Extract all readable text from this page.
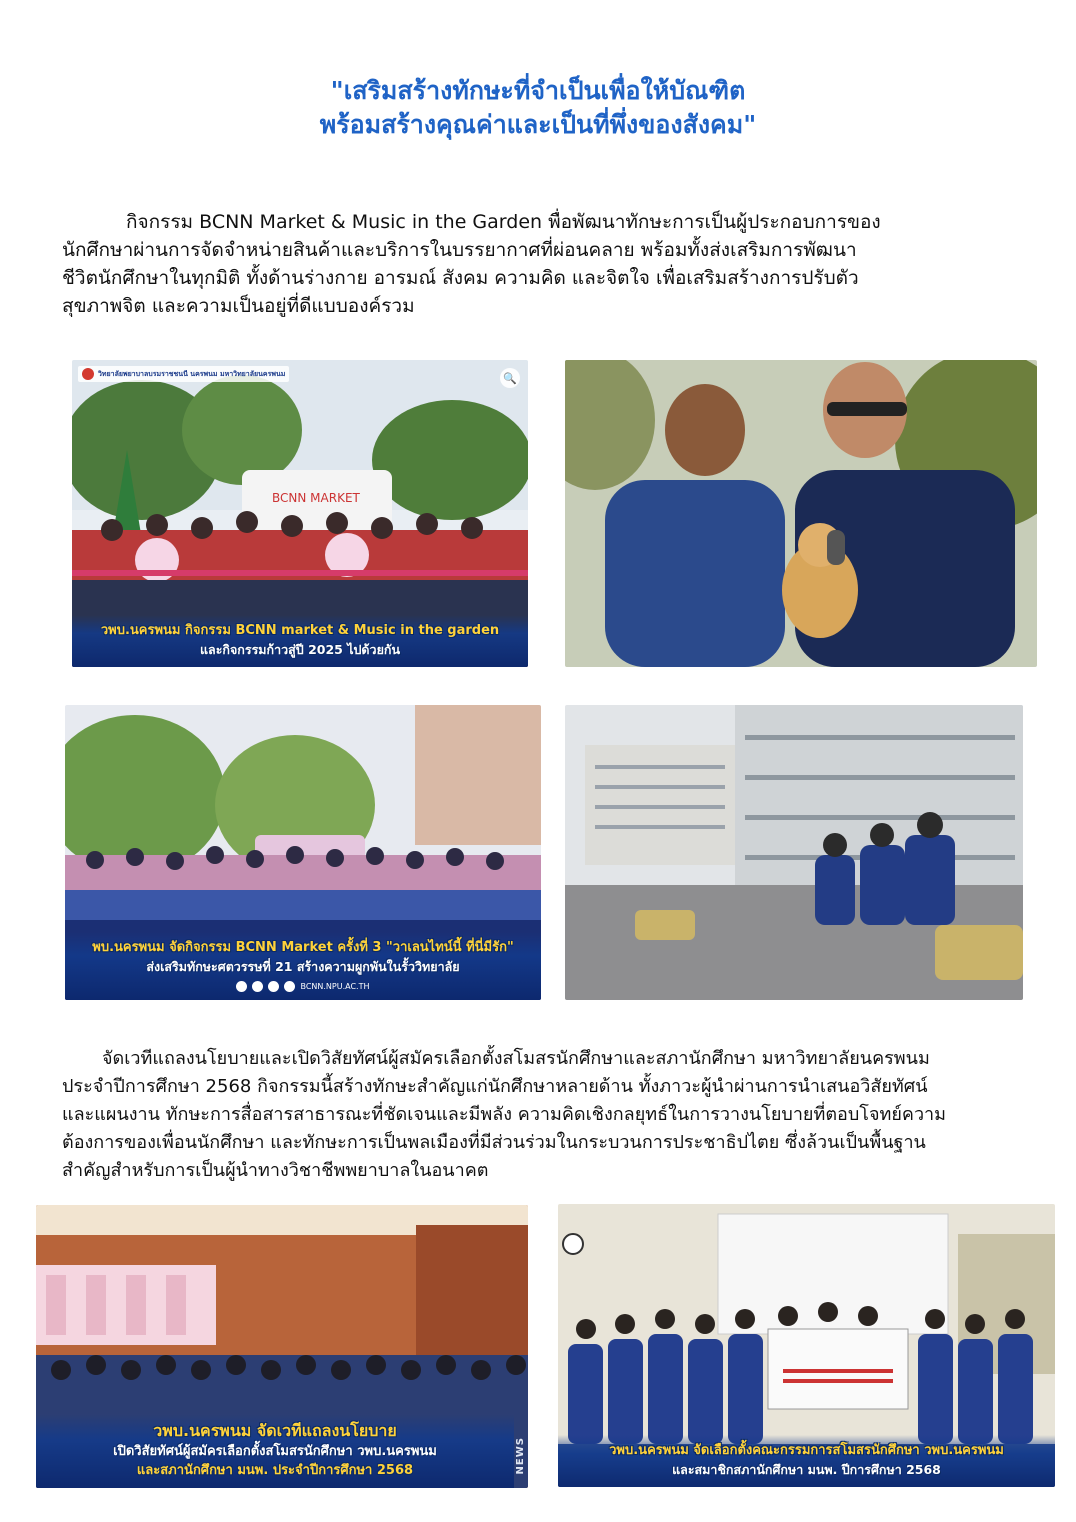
"เสริมสร้างทักษะที่จำเป็นเพื่อให้บัณฑิต
พร้อมสร้างคุณค่าและเป็นที่พึ่งของสังคม"
กิจกรรม BCNN Market & Music in the Garden พื่อพัฒนาทักษะการเป็นผู้ประกอบการของ
นักศึกษาผ่านการจัดจำหน่ายสินค้าและบริการในบรรยากาศที่ผ่อนคลาย พร้อมทั้งส่งเสริมการพัฒนา
ชีวิตนักศึกษาในทุกมิติ ทั้งด้านร่างกาย อารมณ์ สังคม ความคิด และจิตใจ เพื่อเสริมสร้างการปรับตัว
สุขภาพจิต และความเป็นอยู่ที่ดีแบบองค์รวม
BCNN MARKET
วิทยาลัยพยาบาลบรมราชชนนี นครพนม มหาวิทยาลัยนครพนม	🔍
วพบ.นครพนม กิจกรรม BCNN market & Music in the garden
และกิจกรรมก้าวสู่ปี 2025 ไปด้วยกัน
พบ.นครพนม จัดกิจกรรม BCNN Market ครั้งที่ 3 "วาเลนไทน์นี้ ที่นี่มีรัก"
ส่งเสริมทักษะศตวรรษที่ 21 สร้างความผูกพันในรั้ววิทยาลัย
BCNN.NPU.AC.TH
จัดเวทีแถลงนโยบายและเปิดวิสัยทัศน์ผู้สมัครเลือกตั้งสโมสรนักศึกษาและสภานักศึกษา มหาวิทยาลัยนครพนม
ประจำปีการศึกษา 2568 กิจกรรมนี้สร้างทักษะสำคัญแก่นักศึกษาหลายด้าน ทั้งภาวะผู้นำผ่านการนำเสนอวิสัยทัศน์
และแผนงาน ทักษะการสื่อสารสาธารณะที่ชัดเจนและมีพลัง ความคิดเชิงกลยุทธ์ในการวางนโยบายที่ตอบโจทย์ความ
ต้องการของเพื่อนนักศึกษา และทักษะการเป็นพลเมืองที่มีส่วนร่วมในกระบวนการประชาธิปไตย ซึ่งล้วนเป็นพื้นฐาน
สำคัญสำหรับการเป็นผู้นำทางวิชาชีพพยาบาลในอนาคต
วพบ.นครพนม จัดเวทีแถลงนโยบาย
เปิดวิสัยทัศน์ผู้สมัครเลือกตั้งสโมสรนักศึกษา วพบ.นครพนม
และสภานักศึกษา มนพ. ประจำปีการศึกษา 2568	NEWS	วพบ.นครพนม จัดเลือกตั้งคณะกรรมการสโมสรนักศึกษา วพบ.นครพนม
และสมาชิกสภานักศึกษา มนพ. ปีการศึกษา 2568
